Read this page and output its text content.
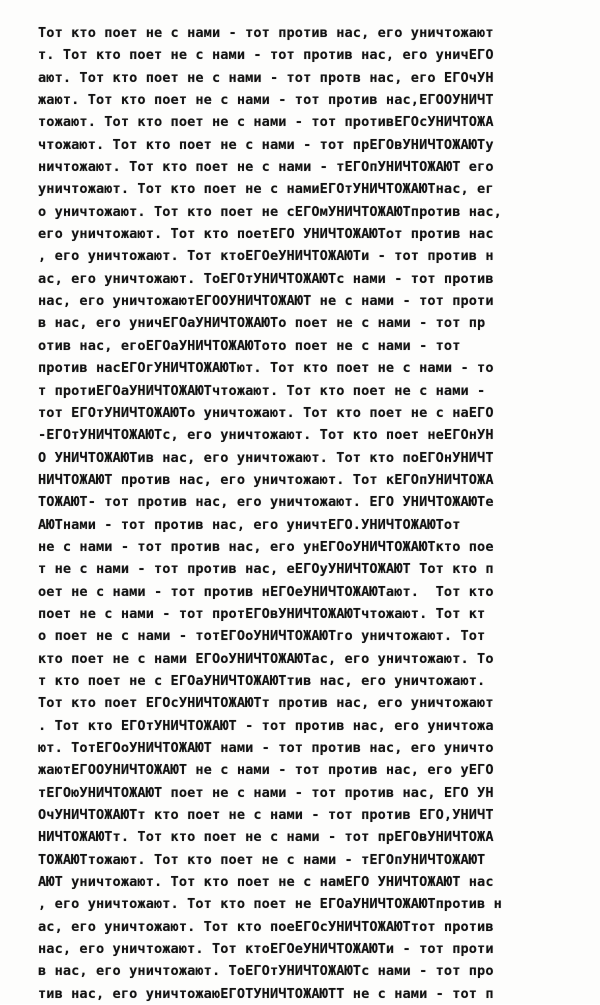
Тот кто поет не с нами - тот против нас, его уничтожают
т. Тот кто поет не с нами - тот против нас, его уничЕГО
ают. Тот кто поет не с нами - тот протв нас, его ЕГОчУН
жают. Тот кто поет не с нами - тот против нас,ЕГООУНИЧТ
тожают. Тот кто поет не с нами - тот противЕГОсУНИЧТОЖА
чтожают. Тот кто поет не с нами - тот прЕГОвУНИЧТОЖАЮТу
ничтожают. Тот кто поет не с нами - тЕГОпУНИЧТОЖАЮТ его
уничтожают. Тот кто поет не с намиЕГОтУНИЧТОЖАЮТнас, ег
о уничтожают. Тот кто поет не сЕГОмУНИЧТОЖАЮТпротив нас,
его уничтожают. Тот кто поетЕГО УНИЧТОЖАЮТот против нас
, его уничтожают. Тот ктоЕГОеУНИЧТОЖАЮТи - тот против н
ас, его уничтожают. ТоЕГОтУНИЧТОЖАЮТс нами - тот против
нас, его уничтожаютЕГООУНИЧТОЖАЮТ не с нами - тот проти
в нас, его уничЕГОаУНИЧТОЖАЮТо поет не с нами - тот пр
отив нас, егоЕГОаУНИЧТОЖАЮТото поет не с нами - тот
против насЕГОгУНИЧТОЖАЮТют. Тот кто поет не с нами - то
т протиЕГОаУНИЧТОЖАЮТчтожают. Тот кто поет не с нами -
тот ЕГОтУНИЧТОЖАЮТо уничтожают. Тот кто поет не с наЕГО
-ЕГОтУНИЧТОЖАЮТс, его уничтожают. Тот кто поет неЕГОнУН
О УНИЧТОЖАЮТив нас, его уничтожают. Тот кто поЕГОнУНИЧТ
НИЧТОЖАЮТ против нас, его уничтожают. Тот кЕГОпУНИЧТОЖА
ТОЖАЮТ- тот против нас, его уничтожают. ЕГО УНИЧТОЖАЮТе
АЮТнами - тот против нас, его уничтЕГО.УНИЧТОЖАЮТот
не с нами - тот против нас, его унЕГОоУНИЧТОЖАЮТкто пое
т не с нами - тот против нас, еЕГОуУНИЧТОЖАЮТ Тот кто п
оет не с нами - тот против нЕГОеУНИЧТОЖАЮТают.  Тот кто
поет не с нами - тот протЕГОвУНИЧТОЖАЮТчтожают. Тот кт
о поет не с нами - тотЕГОоУНИЧТОЖАЮТго уничтожают. Тот
кто поет не с нами ЕГОоУНИЧТОЖАЮТас, его уничтожают. То
т кто поет не с ЕГОаУНИЧТОЖАЮТтив нас, его уничтожают.
Тот кто поет ЕГОсУНИЧТОЖАЮТт против нас, его уничтожают
. Тот кто ЕГОтУНИЧТОЖАЮТ - тот против нас, его уничтожа
ют. ТотЕГОоУНИЧТОЖАЮТ нами - тот против нас, его уничто
жаютЕГООУНИЧТОЖАЮТ не с нами - тот против нас, его уЕГО
тЕГОюУНИЧТОЖАЮТ поет не с нами - тот против нас, ЕГО УН
ОчУНИЧТОЖАЮТт кто поет не с нами - тот против ЕГО,УНИЧТ
НИЧТОЖАЮТт. Тот кто поет не с нами - тот прЕГОвУНИЧТОЖА
ТОЖАЮТтожают. Тот кто поет не с нами - тЕГОпУНИЧТОЖАЮТ
АЮТ уничтожают. Тот кто поет не с намЕГО УНИЧТОЖАЮТ нас
, его уничтожают. Тот кто поет не ЕГОаУНИЧТОЖАЮТпротив н
ас, его уничтожают. Тот кто поеЕГОсУНИЧТОЖАЮТтот против
нас, его уничтожают. Тот ктоЕГОеУНИЧТОЖАЮТи - тот проти
в нас, его уничтожают. ТоЕГОтУНИЧТОЖАЮТс нами - тот про
тив нас, его уничтожаюЕГОТУНИЧТОЖАЮТТ не с нами - тот п
